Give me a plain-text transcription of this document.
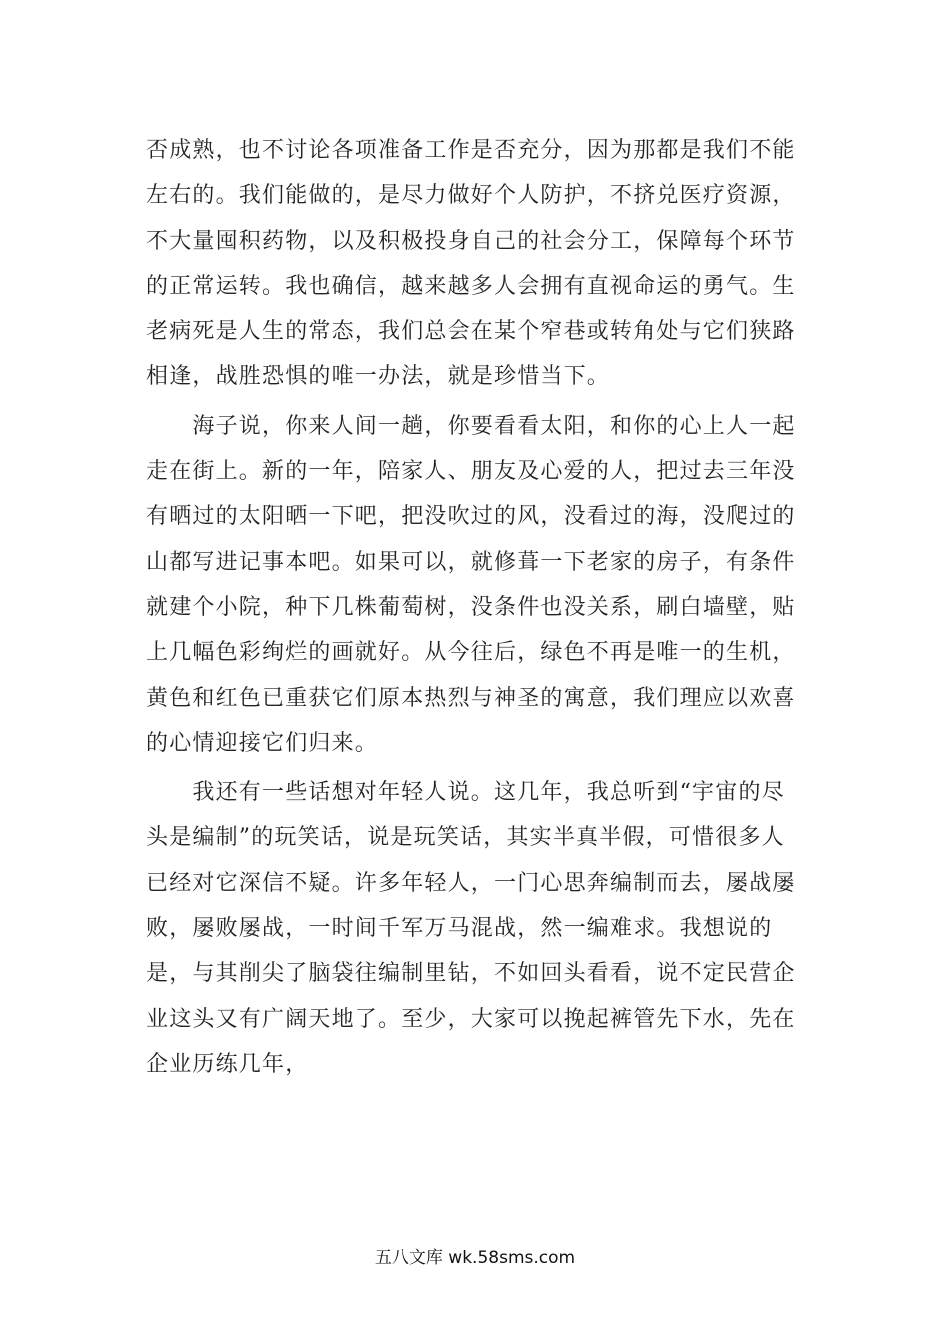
否成熟，也不讨论各项准备工作是否充分，因为那都是我们不能左右的。我们能做的，是尽力做好个人防护，不挤兑医疗资源，不大量囤积药物，以及积极投身自己的社会分工，保障每个环节的正常运转。我也确信，越来越多人会拥有直视命运的勇气。生老病死是人生的常态，我们总会在某个窄巷或转角处与它们狭路相逢，战胜恐惧的唯一办法，就是珍惜当下。

　　海子说，你来人间一趟，你要看看太阳，和你的心上人一起走在街上。新的一年，陪家人、朋友及心爱的人，把过去三年没有晒过的太阳晒一下吧，把没吹过的风，没看过的海，没爬过的山都写进记事本吧。如果可以，就修葺一下老家的房子，有条件就建个小院，种下几株葡萄树，没条件也没关系，刷白墙壁，贴上几幅色彩绚烂的画就好。从今往后，绿色不再是唯一的生机，黄色和红色已重获它们原本热烈与神圣的寓意，我们理应以欢喜的心情迎接它们归来。

　　我还有一些话想对年轻人说。这几年，我总听到“宇宙的尽头是编制”的玩笑话，说是玩笑话，其实半真半假，可惜很多人已经对它深信不疑。许多年轻人，一门心思奔编制而去，屡战屡败，屡败屡战，一时间千军万马混战，然一编难求。我想说的是，与其削尖了脑袋往编制里钻，不如回头看看，说不定民营企业这头又有广阔天地了。至少，大家可以挽起裤管先下水，先在企业历练几年，

五八文库 wk.58sms.com
